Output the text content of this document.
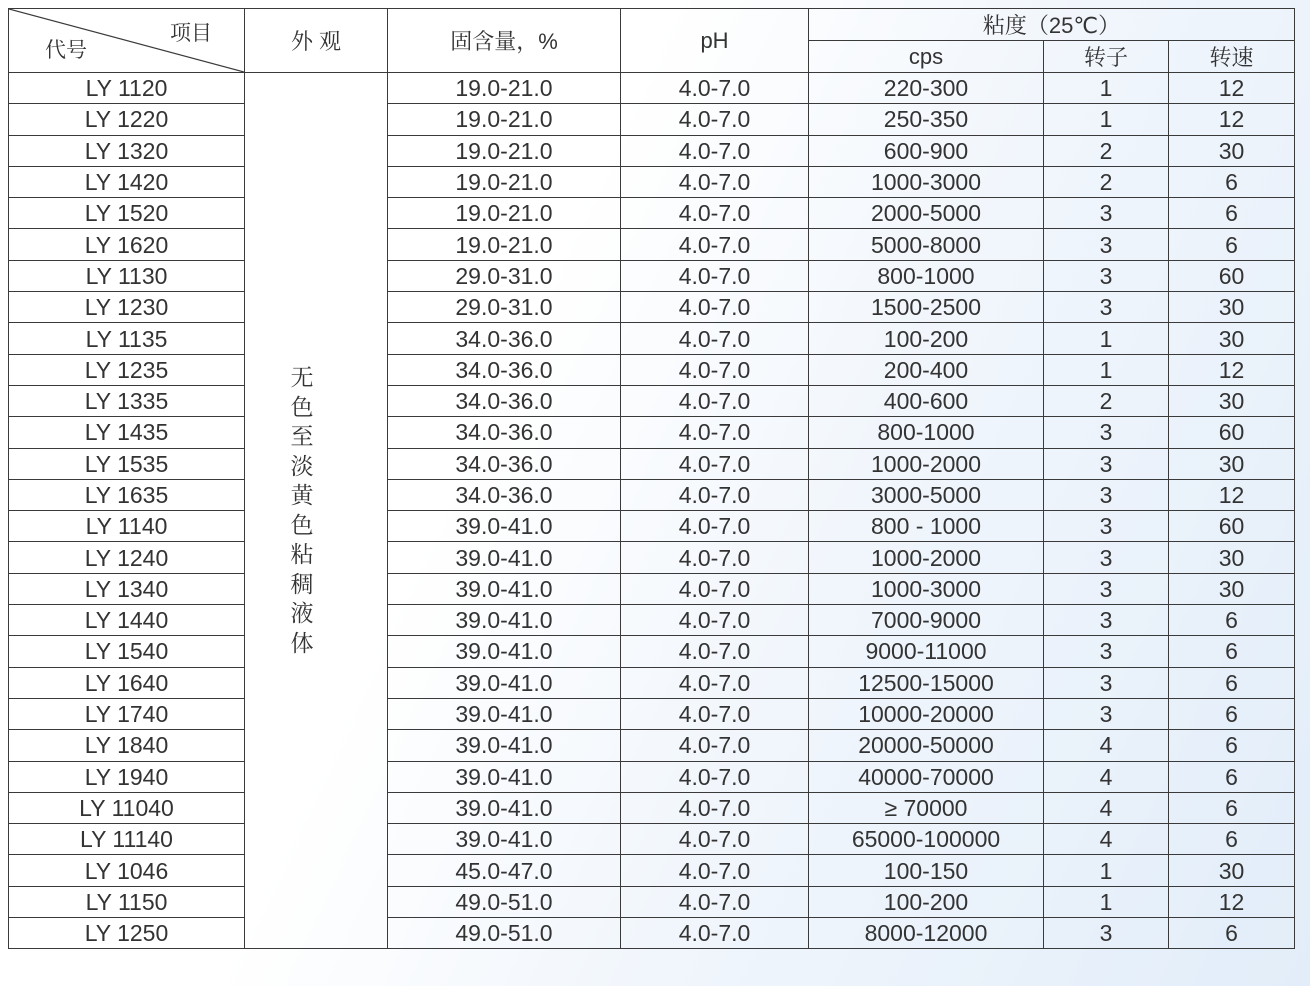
项目
代号	外 观	固含量，%	pH	粘度（25℃）		
				cps	转子	转速
LY 1120	无色至淡黄色粘稠液体	19.0-21.0	4.0-7.0	220-300	1	12
LY 1220		19.0-21.0	4.0-7.0	250-350	1	12
LY 1320		19.0-21.0	4.0-7.0	600-900	2	30
LY 1420		19.0-21.0	4.0-7.0	1000-3000	2	6
LY 1520		19.0-21.0	4.0-7.0	2000-5000	3	6
LY 1620		19.0-21.0	4.0-7.0	5000-8000	3	6
LY 1130		29.0-31.0	4.0-7.0	800-1000	3	60
LY 1230		29.0-31.0	4.0-7.0	1500-2500	3	30
LY 1135		34.0-36.0	4.0-7.0	100-200	1	30
LY 1235		34.0-36.0	4.0-7.0	200-400	1	12
LY 1335		34.0-36.0	4.0-7.0	400-600	2	30
LY 1435		34.0-36.0	4.0-7.0	800-1000	3	60
LY 1535		34.0-36.0	4.0-7.0	1000-2000	3	30
LY 1635		34.0-36.0	4.0-7.0	3000-5000	3	12
LY 1140		39.0-41.0	4.0-7.0	800 - 1000	3	60
LY 1240		39.0-41.0	4.0-7.0	1000-2000	3	30
LY 1340		39.0-41.0	4.0-7.0	1000-3000	3	30
LY 1440		39.0-41.0	4.0-7.0	7000-9000	3	6
LY 1540		39.0-41.0	4.0-7.0	9000-11000	3	6
LY 1640		39.0-41.0	4.0-7.0	12500-15000	3	6
LY 1740		39.0-41.0	4.0-7.0	10000-20000	3	6
LY 1840		39.0-41.0	4.0-7.0	20000-50000	4	6
LY 1940		39.0-41.0	4.0-7.0	40000-70000	4	6
LY 11040		39.0-41.0	4.0-7.0	≥ 70000	4	6
LY 11140		39.0-41.0	4.0-7.0	65000-100000	4	6
LY 1046		45.0-47.0	4.0-7.0	100-150	1	30
LY 1150		49.0-51.0	4.0-7.0	100-200	1	12
LY 1250		49.0-51.0	4.0-7.0	8000-12000	3	6
